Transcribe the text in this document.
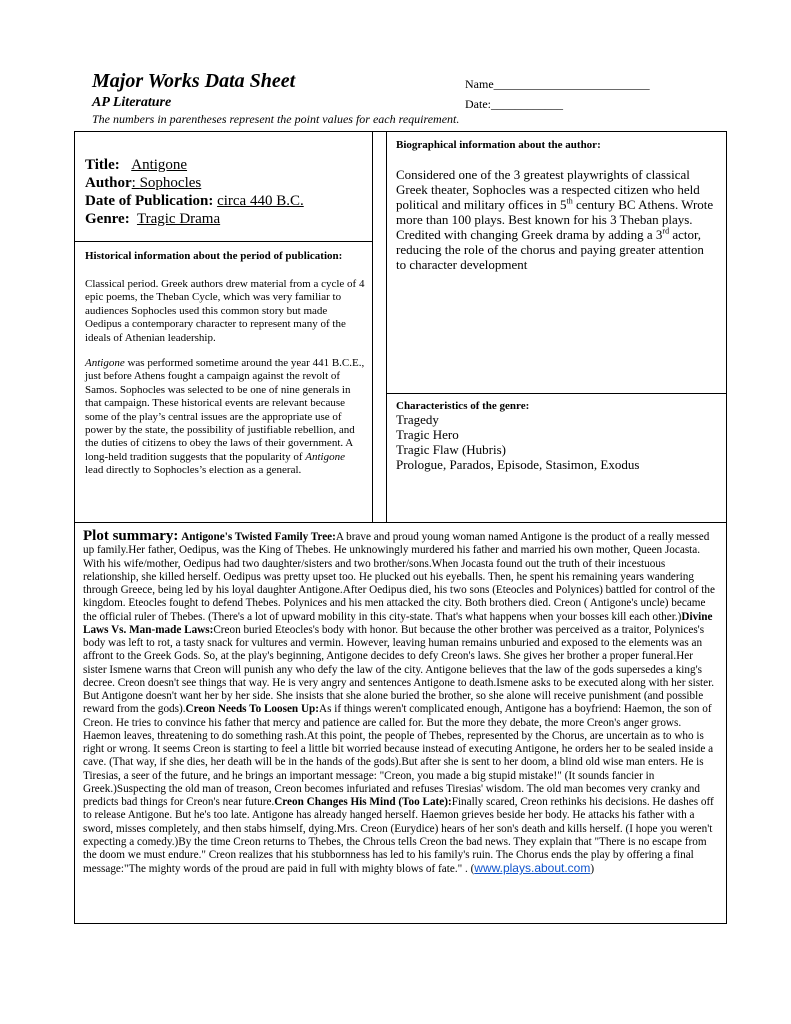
Major Works Data Sheet
AP Literature
The numbers in parentheses represent the point values for each requirement.
Name__________________________
Date:____________
Title: Antigone
Author: Sophocles
Date of Publication: circa 440 B.C.
Genre: Tragic Drama
Historical information about the period of publication:
Classical period. Greek authors drew material from a cycle of 4 epic poems, the Theban Cycle, which was very familiar to audiences Sophocles used this common story but made Oedipus a contemporary character to represent many of the ideals of Athenian leadership.
Antigone was performed sometime around the year 441 B.C.E., just before Athens fought a campaign against the revolt of Samos. Sophocles was selected to be one of nine generals in that campaign. These historical events are relevant because some of the play’s central issues are the appropriate use of power by the state, the possibility of justifiable rebellion, and the duties of citizens to obey the laws of their government. A long-held tradition suggests that the popularity of Antigone lead directly to Sophocles’s election as a general.
Biographical information about the author:
Considered one of the 3 greatest playwrights of classical Greek theater, Sophocles was a respected citizen who held political and military offices in 5th century BC Athens. Wrote more than 100 plays. Best known for his 3 Theban plays. Credited with changing Greek drama by adding a 3rd actor, reducing the role of the chorus and paying greater attention to character development
Characteristics of the genre:
Tragedy
Tragic Hero
Tragic Flaw (Hubris)
Prologue, Parados, Episode, Stasimon, Exodus
Plot summary: Antigone's Twisted Family Tree:A brave and proud young woman named Antigone is the product of a really messed up family.Her father, Oedipus, was the King of Thebes. He unknowingly murdered his father and married his own mother, Queen Jocasta. With his wife/mother, Oedipus had two daughter/sisters and two brother/sons.When Jocasta found out the truth of their incestuous relationship, she killed herself. Oedipus was pretty upset too. He plucked out his eyeballs. Then, he spent his remaining years wandering through Greece, being led by his loyal daughter Antigone.After Oedipus died, his two sons (Eteocles and Polynices) battled for control of the kingdom. Eteocles fought to defend Thebes. Polynices and his men attacked the city. Both brothers died. Creon ( Antigone's uncle) became the official ruler of Thebes. (There's a lot of upward mobility in this city-state. That's what happens when your bosses kill each other.)Divine Laws Vs. Man-made Laws:Creon buried Eteocles's body with honor. But because the other brother was perceived as a traitor, Polynices's body was left to rot, a tasty snack for vultures and vermin. However, leaving human remains unburied and exposed to the elements was an affront to the Greek Gods. So, at the play's beginning, Antigone decides to defy Creon's laws. She gives her brother a proper funeral.Her sister Ismene warns that Creon will punish any who defy the law of the city. Antigone believes that the law of the gods supersedes a king's decree. Creon doesn't see things that way. He is very angry and sentences Antigone to death.Ismene asks to be executed along with her sister. But Antigone doesn't want her by her side. She insists that she alone buried the brother, so she alone will receive punishment (and possible reward from the gods).Creon Needs To Loosen Up:As if things weren't complicated enough, Antigone has a boyfriend: Haemon, the son of Creon. He tries to convince his father that mercy and patience are called for. But the more they debate, the more Creon's anger grows. Haemon leaves, threatening to do something rash.At this point, the people of Thebes, represented by the Chorus, are uncertain as to who is right or wrong. It seems Creon is starting to feel a little bit worried because instead of executing Antigone, he orders her to be sealed inside a cave. (That way, if she dies, her death will be in the hands of the gods).But after she is sent to her doom, a blind old wise man enters. He is Tiresias, a seer of the future, and he brings an important message: "Creon, you made a big stupid mistake!" (It sounds fancier in Greek.)Suspecting the old man of treason, Creon becomes infuriated and refuses Tiresias' wisdom. The old man becomes very cranky and predicts bad things for Creon's near future.Creon Changes His Mind (Too Late):Finally scared, Creon rethinks his decisions. He dashes off to release Antigone. But he's too late. Antigone has already hanged herself. Haemon grieves beside her body. He attacks his father with a sword, misses completely, and then stabs himself, dying.Mrs. Creon (Eurydice) hears of her son's death and kills herself. (I hope you weren't expecting a comedy.)By the time Creon returns to Thebes, the Chrous tells Creon the bad news. They explain that "There is no escape from the doom we must endure." Creon realizes that his stubbornness has led to his family's ruin. The Chorus ends the play by offering a final message:"The mighty words of the proud are paid in full with mighty blows of fate." . (www.plays.about.com)
